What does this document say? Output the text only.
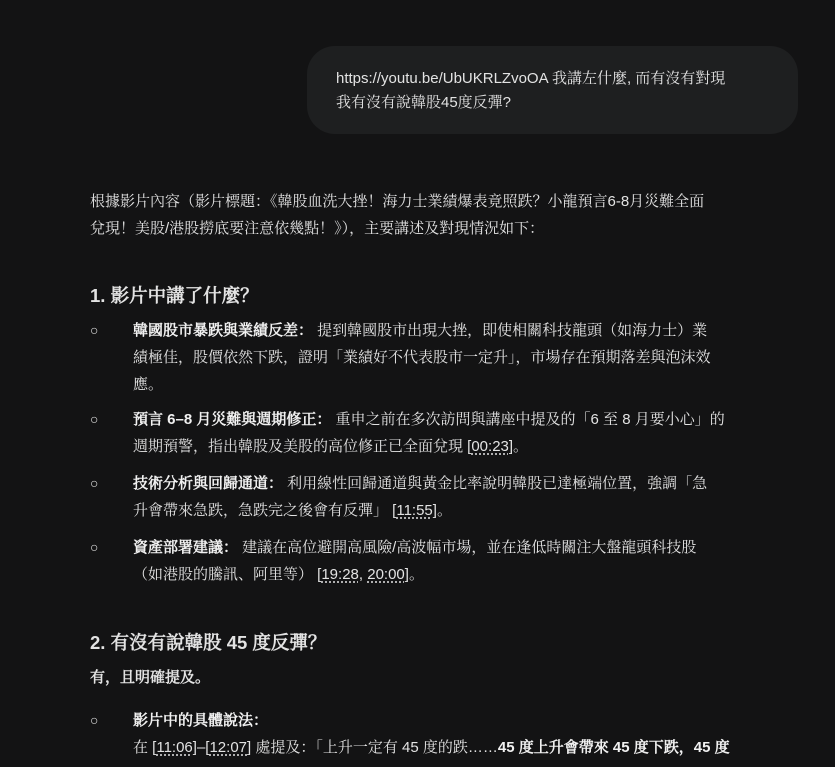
https://youtu.be/UbUKRLZvoOA 我講左什麼, 而有沒有對現
我有沒有說韓股45度反彈?

根據影片內容（影片標題：《韓股血洗大挫！海力士業績爆表竟照跌？小龍預言6-8月災難全面
兌現！美股/港股撈底要注意依幾點！》），主要講述及對現情況如下：

1. 影片中講了什麼？
○ 韓國股市暴跌與業績反差： 提到韓國股市出現大挫，即使相關科技龍頭（如海力士）業
績極佳，股價依然下跌，證明「業績好不代表股市一定升」，市場存在預期落差與泡沫效
應。
○ 預言 6–8 月災難與週期修正： 重申之前在多次訪問與講座中提及的「6 至 8 月要小心」的
週期預警，指出韓股及美股的高位修正已全面兌現 [00:23]。
○ 技術分析與回歸通道： 利用線性回歸通道與黃金比率說明韓股已達極端位置，強調「急
升會帶來急跌，急跌完之後會有反彈」 [11:55]。
○ 資產部署建議： 建議在高位避開高風險/高波幅市場，並在逢低時關注大盤龍頭科技股
（如港股的騰訊、阿里等） [19:28, 20:00]。
2. 有沒有說韓股 45 度反彈？
有，且明確提及。
○ 影片中的具體說法：
在 [11:06]–[12:07] 處提及：「上升一定有 45 度的跌……45 度上升會帶來 45 度下跌，45 度
